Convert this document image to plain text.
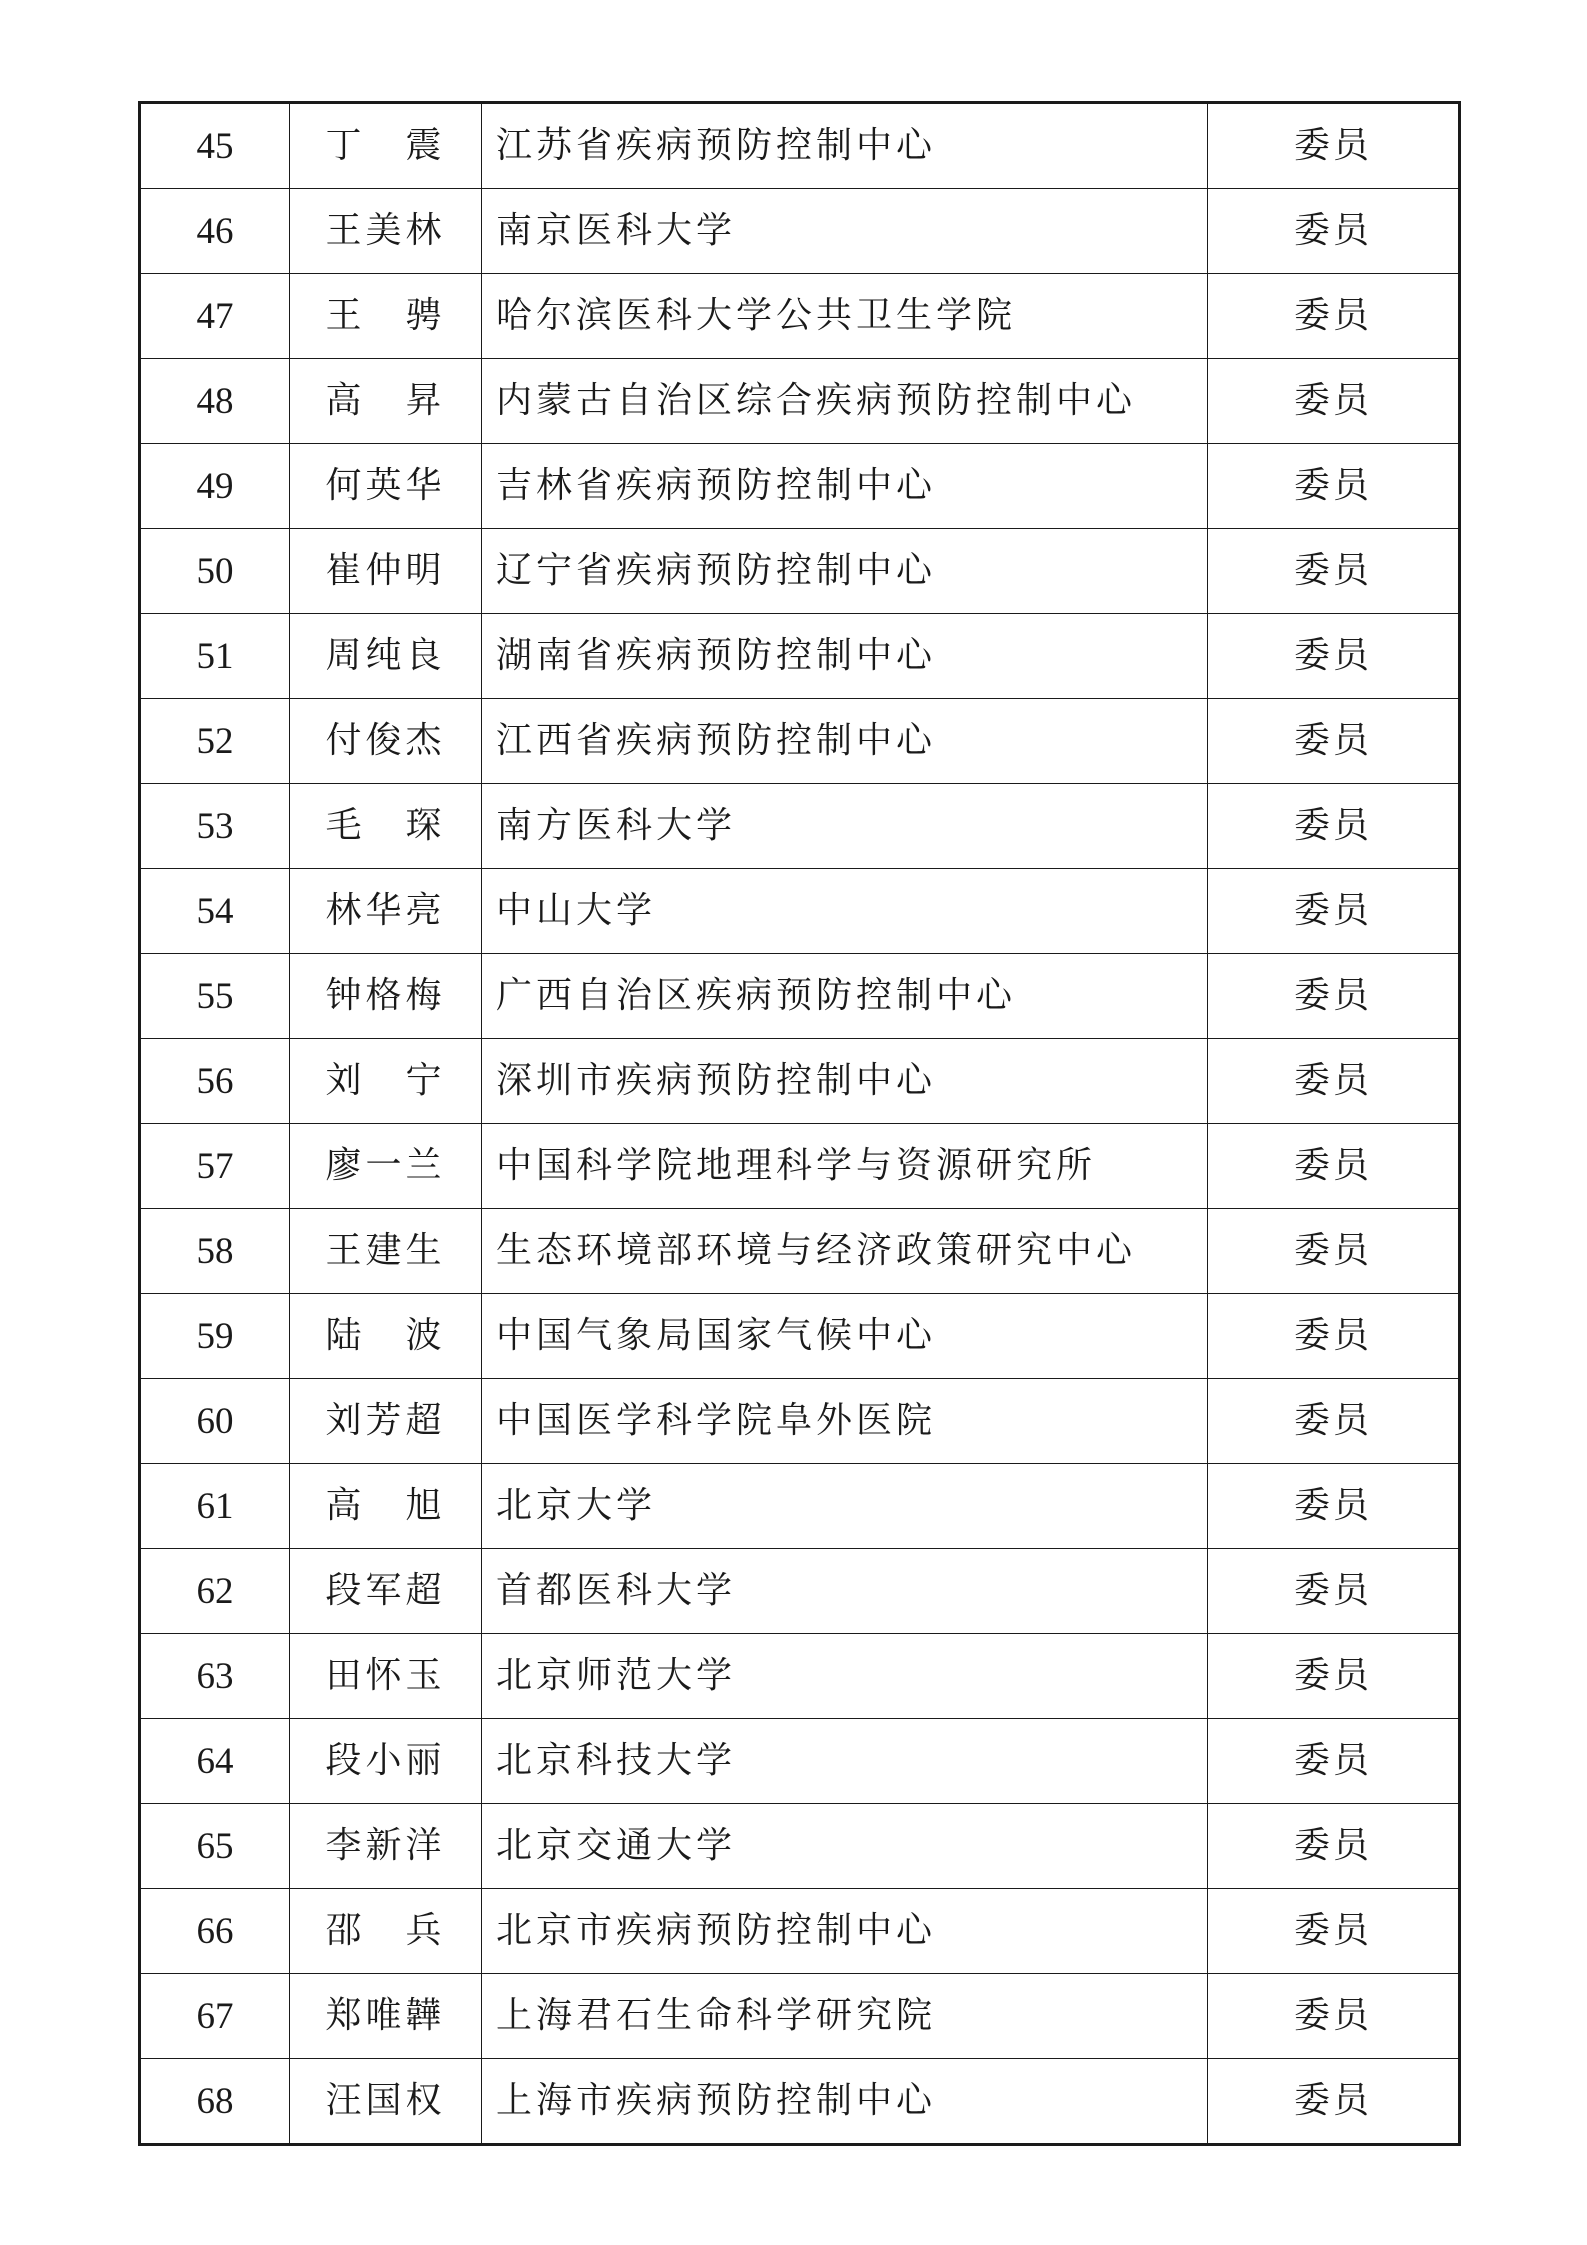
45	丁震	江苏省疾病预防控制中心	委员
46	王美林	南京医科大学	委员
47	王骋	哈尔滨医科大学公共卫生学院	委员
48	高昇	内蒙古自治区综合疾病预防控制中心	委员
49	何英华	吉林省疾病预防控制中心	委员
50	崔仲明	辽宁省疾病预防控制中心	委员
51	周纯良	湖南省疾病预防控制中心	委员
52	付俊杰	江西省疾病预防控制中心	委员
53	毛琛	南方医科大学	委员
54	林华亮	中山大学	委员
55	钟格梅	广西自治区疾病预防控制中心	委员
56	刘宁	深圳市疾病预防控制中心	委员
57	廖一兰	中国科学院地理科学与资源研究所	委员
58	王建生	生态环境部环境与经济政策研究中心	委员
59	陆波	中国气象局国家气候中心	委员
60	刘芳超	中国医学科学院阜外医院	委员
61	高旭	北京大学	委员
62	段军超	首都医科大学	委员
63	田怀玉	北京师范大学	委员
64	段小丽	北京科技大学	委员
65	李新洋	北京交通大学	委员
66	邵兵	北京市疾病预防控制中心	委员
67	郑唯韡	上海君石生命科学研究院	委员
68	汪国权	上海市疾病预防控制中心	委员
